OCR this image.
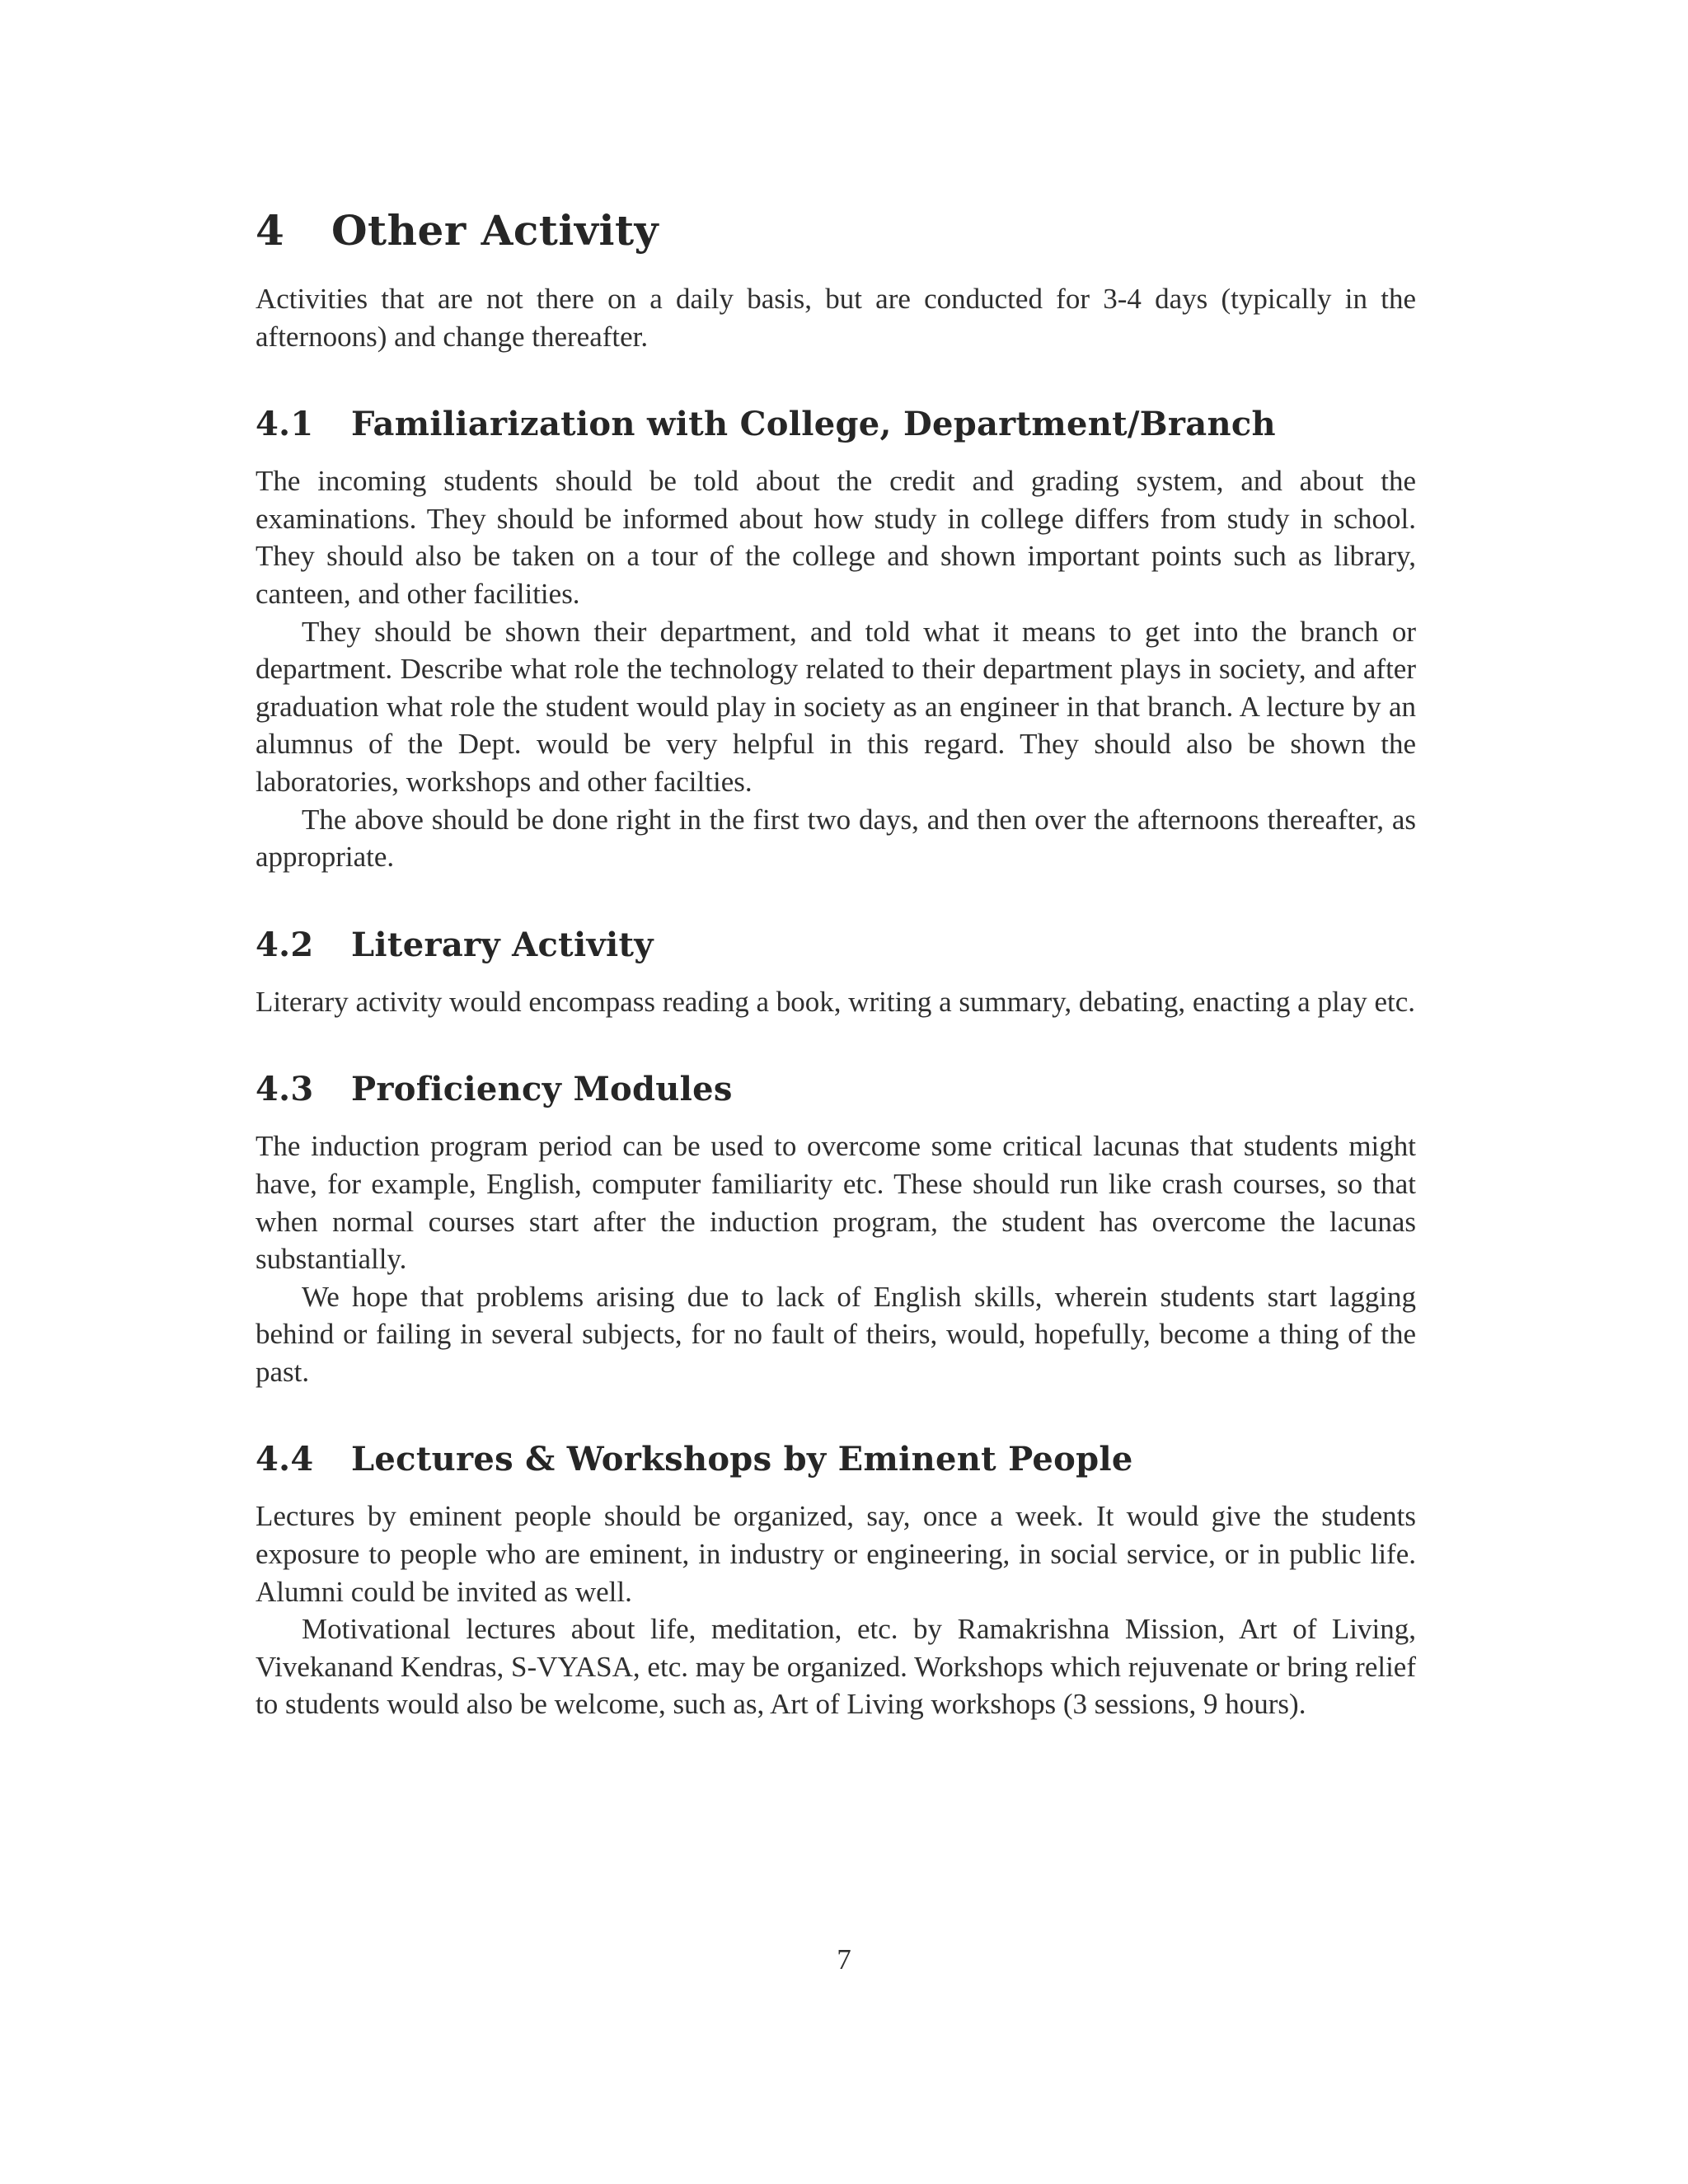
4 Other Activity

Activities that are not there on a daily basis, but are conducted for 3-4 days (typically in the afternoons) and change thereafter.

4.1 Familiarization with College, Department/Branch

The incoming students should be told about the credit and grading system, and about the examinations. They should be informed about how study in college differs from study in school. They should also be taken on a tour of the college and shown important points such as library, canteen, and other facilities.

They should be shown their department, and told what it means to get into the branch or department. Describe what role the technology related to their department plays in society, and after graduation what role the student would play in society as an engineer in that branch. A lecture by an alumnus of the Dept. would be very helpful in this regard. They should also be shown the laboratories, workshops and other facilties.

The above should be done right in the first two days, and then over the afternoons thereafter, as appropriate.

4.2 Literary Activity

Literary activity would encompass reading a book, writing a summary, debating, enacting a play etc.

4.3 Proficiency Modules

The induction program period can be used to overcome some critical lacunas that students might have, for example, English, computer familiarity etc. These should run like crash courses, so that when normal courses start after the induction program, the student has overcome the lacunas substantially.

We hope that problems arising due to lack of English skills, wherein students start lagging behind or failing in several subjects, for no fault of theirs, would, hopefully, become a thing of the past.

4.4 Lectures & Workshops by Eminent People

Lectures by eminent people should be organized, say, once a week. It would give the students exposure to people who are eminent, in industry or engineering, in social service, or in public life. Alumni could be invited as well.

Motivational lectures about life, meditation, etc. by Ramakrishna Mission, Art of Living, Vivekanand Kendras, S-VYASA, etc. may be organized. Workshops which rejuvenate or bring relief to students would also be welcome, such as, Art of Living workshops (3 sessions, 9 hours).

7
